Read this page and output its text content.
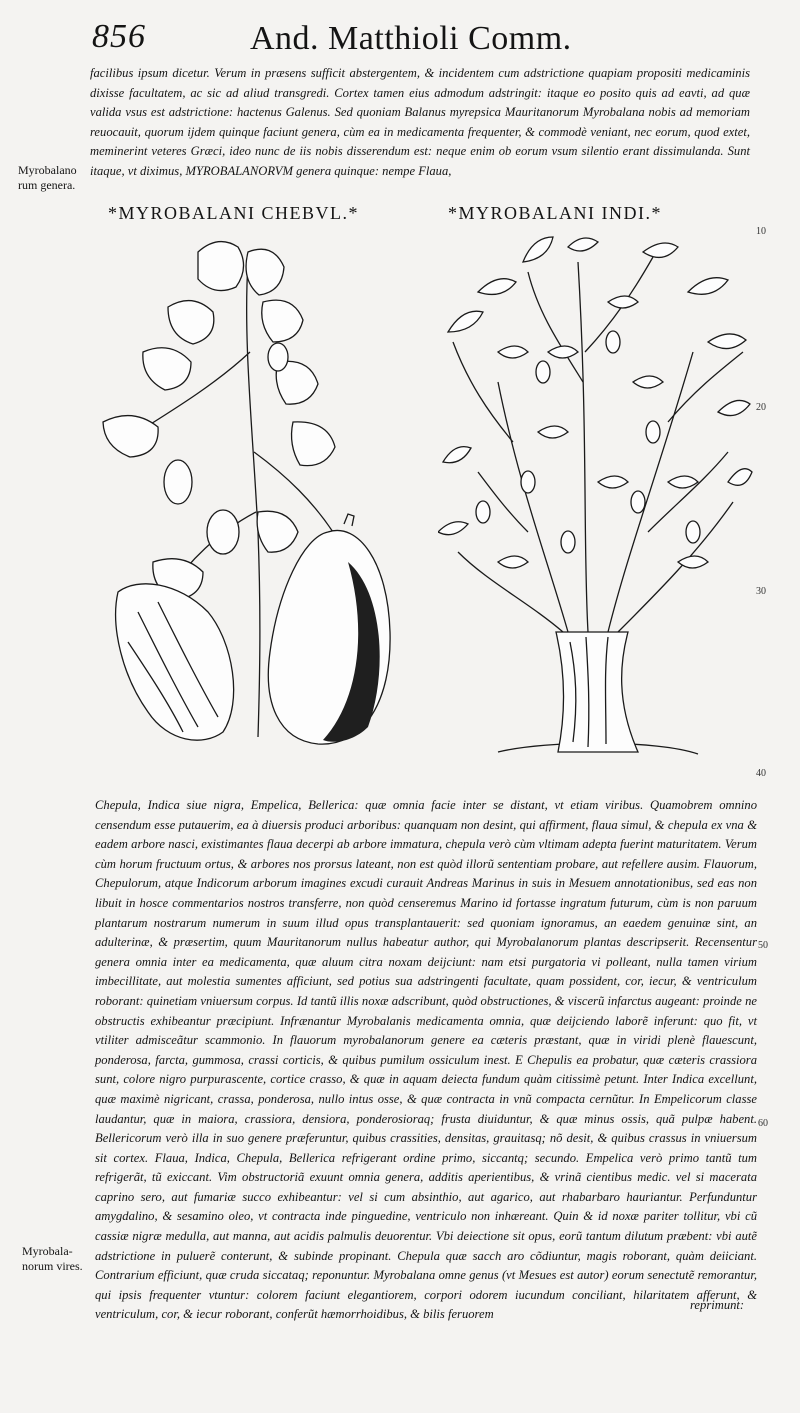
856	And. Matthioli Comm.

facilibus ipsum dicetur. Verum in præsens sufficit abstergentem, & incidentem cum adstrictione quapiam propositi medicaminis dixisse facultatem, ac sic ad aliud transgredi. Cortex tamen eius admodum adstringit: itaque eo posito quis ad eavti, ad quæ valida vsus est adstrictione: hactenus Galenus. Sed quoniam Balanus myrepsica Mauritanorum Myrobalana nobis ad memoriam reuocauit, quorum ijdem quinque faciunt genera, cùm ea in medicamenta frequenter, & commodè veniant, nec eorum, quod extet, meminerint veteres Græci, ideo nunc de iis nobis disserendum est: neque enim ob eorum vsum silentio erant dissimulanda. Sunt itaque, vt diximus, MYROBALANORVM genera quinque: nempe Flaua,

Myrobalano rum genera.
*MYROBALANI CHEBVL.*	*MYROBALANI INDI.*
10
20
30
40
50
60

Chepula, Indica siue nigra, Empelica, Bellerica: quæ omnia facie inter se distant, vt etiam viribus. Quamobrem omnino censendum esse putauerim, ea à diuersis produci arboribus: quanquam non desint, qui affirment, flaua simul, & chepula ex vna & eadem arbore nasci, existimantes flaua decerpi ab arbore immatura, chepula verò cùm vltimam adepta fuerint maturitatem. Verum cùm horum fructuum ortus, & arbores nos prorsus lateant, non est quòd illorũ sententiam probare, aut refellere ausim. Flauorum, Chepulorum, atque Indicorum arborum imagines excudi curauit Andreas Marinus in suis in Mesuem annotationibus, sed eas non libuit in hosce commentarios nostros transferre, non quòd censeremus Marino id fortasse ingratum futurum, cùm is non paruum plantarum nostrarum numerum in suum illud opus transplantauerit: sed quoniam ignoramus, an eaedem genuinæ sint, an adulterinæ, & præsertim, quum Mauritanorum nullus habeatur author, qui Myrobalanorum plantas descripserit. Recensentur genera omnia inter ea medicamenta, quæ aluum citra noxam deijciunt: nam etsi purgatoria vi polleant, nulla tamen virium imbecillitate, aut molestia sumentes afficiunt, sed potius sua adstringenti facultate, quam possident, cor, iecur, & ventriculum roborant: quinetiam vniuersum corpus. Id tantũ illis noxæ adscribunt, quòd obstructiones, & viscerũ infarctus augeant: proinde ne obstructis exhibeantur præcipiunt. Infrænantur Myrobalanis medicamenta omnia, quæ deijciendo laborẽ inferunt: quo fit, vt vtiliter admisceãtur scammonio. In flauorum myrobalanorum genere ea cæteris præstant, quæ in viridi plenè flauescunt, ponderosa, farcta, gummosa, crassi corticis, & quibus pumilum ossiculum inest. E Chepulis ea probatur, quæ cæteris crassiora sunt, colore nigro purpurascente, cortice crasso, & quæ in aquam deiecta fundum quàm citissimè petunt. Inter Indica excellunt, quæ maximè nigricant, crassa, ponderosa, nullo intus osse, & quæ contracta in vnũ compacta cernũtur. In Empelicorum classe laudantur, quæ in maiora, crassiora, densiora, ponderosioraq; frusta diuiduntur, & quæ minus ossis, quã pulpæ habent. Bellericorum verò illa in suo genere præferuntur, quibus crassities, densitas, grauitasq; nõ desit, & quibus crassus in vniuersum sit cortex. Flaua, Indica, Chepula, Bellerica refrigerant ordine primo, siccantq; secundo. Empelica verò primo tantũ tum refrigerãt, tũ exiccant. Vim obstructoriã exuunt omnia genera, additis aperientibus, & vrinã cientibus medic. vel si macerata caprino sero, aut fumariæ succo exhibeantur: vel si cum absinthio, aut agarico, aut rhabarbaro hauriantur. Perfunduntur amygdalino, & sesamino oleo, vt contracta inde pinguedine, ventriculo non inhæreant. Quin & id noxæ pariter tollitur, vbi cũ cassiæ nigræ medulla, aut manna, aut acidis palmulis deuorentur. Vbi deiectione sit opus, eorũ tantum dilutum præbent: vbi autẽ adstrictione in puluerẽ conterunt, & subinde propinant. Chepula quæ sacch aro cõdiuntur, magis roborant, quàm deiiciant. Contrarium efficiunt, quæ cruda siccataq; reponuntur. Myrobalana omne genus (vt Mesues est autor) eorum senectutẽ remorantur, qui ipsis frequenter vtuntur: colorem faciunt elegantiorem, corpori odorem iucundum conciliant, hilaritatem afferunt, & ventriculum, cor, & iecur roborant, conferũt hæmorrhoidibus, & bilis feruorem

Myrobala- norum vires.
reprimunt:
